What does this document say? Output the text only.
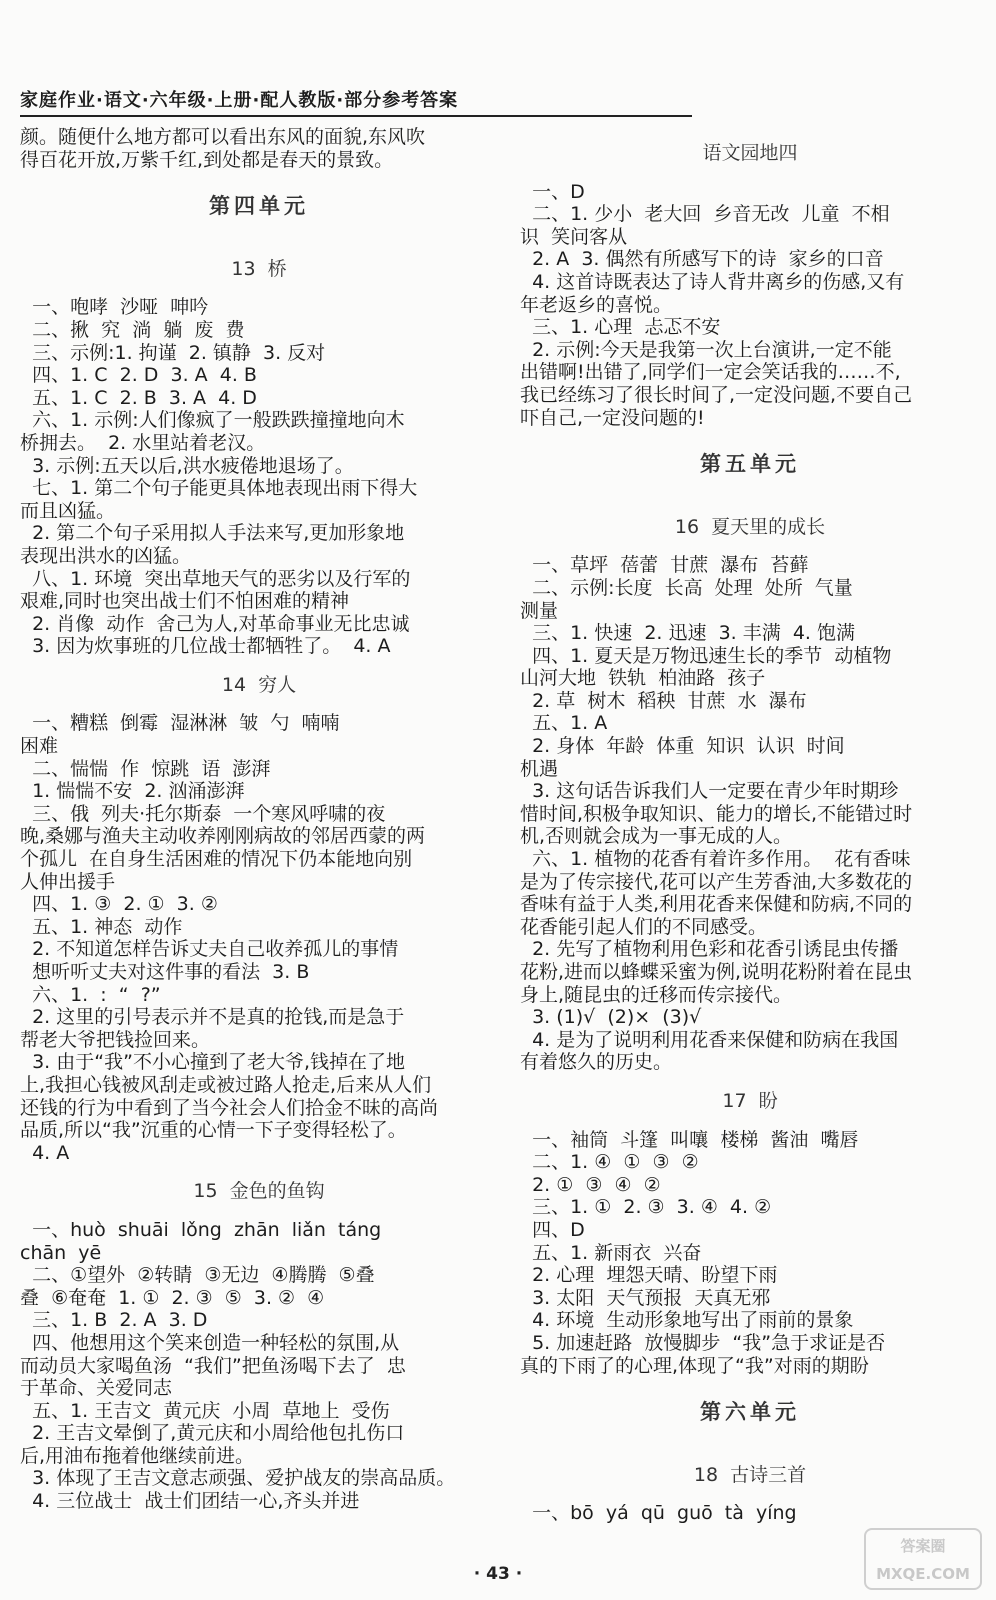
家庭作业·语文·六年级·上册·配人教版·部分参考答案

颜。随便什么地方都可以看出东风的面貌,东风吹

得百花开放,万紫千红,到处都是春天的景致。

第四单元

13  桥

一、咆哮  沙哑  呻吟

二、揪  究  淌  躺  废  费

三、示例:1. 拘谨  2. 镇静  3. 反对

四、1. C  2. D  3. A  4. B

五、1. C  2. B  3. A  4. D

六、1. 示例:人们像疯了一般跌跌撞撞地向木

桥拥去。  2. 水里站着老汉。

3. 示例:五天以后,洪水疲倦地退场了。

七、1. 第二个句子能更具体地表现出雨下得大

而且凶猛。

2. 第二个句子采用拟人手法来写,更加形象地

表现出洪水的凶猛。

八、1. 环境  突出草地天气的恶劣以及行军的

艰难,同时也突出战士们不怕困难的精神

2. 肖像  动作  舍己为人,对革命事业无比忠诚

3. 因为炊事班的几位战士都牺牲了。  4. A

14  穷人

一、糟糕  倒霉  湿淋淋  皱  勺  喃喃

困难

二、惴惴  作  惊跳  语  澎湃

1. 惴惴不安  2. 汹涌澎湃

三、俄  列夫·托尔斯泰  一个寒风呼啸的夜

晚,桑娜与渔夫主动收养刚刚病故的邻居西蒙的两

个孤儿  在自身生活困难的情况下仍本能地向别

人伸出援手

四、1. ③  2. ①  3. ②

五、1. 神态  动作

2. 不知道怎样告诉丈夫自己收养孤儿的事情

想听听丈夫对这件事的看法  3. B

六、1.  :  “  ?”

2. 这里的引号表示并不是真的抢钱,而是急于

帮老大爷把钱捡回来。

3. 由于“我”不小心撞到了老大爷,钱掉在了地

上,我担心钱被风刮走或被过路人抢走,后来从人们

还钱的行为中看到了当今社会人们拾金不昧的高尚

品质,所以“我”沉重的心情一下子变得轻松了。

4. A

15  金色的鱼钩

一、huò  shuāi  lǒng  zhān  liǎn  táng

chān  yē

二、①望外  ②转睛  ③无边  ④腾腾  ⑤叠

叠  ⑥奄奄  1. ①  2. ③  ⑤  3. ②  ④

三、1. B  2. A  3. D

四、他想用这个笑来创造一种轻松的氛围,从

而动员大家喝鱼汤  “我们”把鱼汤喝下去了  忠

于革命、关爱同志

五、1. 王吉文  黄元庆  小周  草地上  受伤

2. 王吉文晕倒了,黄元庆和小周给他包扎伤口

后,用油布拖着他继续前进。

3. 体现了王吉文意志顽强、爱护战友的崇高品质。

4. 三位战士  战士们团结一心,齐头并进

语文园地四

一、D

二、1. 少小  老大回  乡音无改  儿童  不相

识  笑问客从

2. A  3. 偶然有所感写下的诗  家乡的口音

4. 这首诗既表达了诗人背井离乡的伤感,又有

年老返乡的喜悦。

三、1. 心理  忐忑不安

2. 示例:今天是我第一次上台演讲,一定不能

出错啊!出错了,同学们一定会笑话我的……不,

我已经练习了很长时间了,一定没问题,不要自己

吓自己,一定没问题的!

第五单元

16  夏天里的成长

一、草坪  蓓蕾  甘蔗  瀑布  苔藓

二、示例:长度  长高  处理  处所  气量

测量

三、1. 快速  2. 迅速  3. 丰满  4. 饱满

四、1. 夏天是万物迅速生长的季节  动植物

山河大地  铁轨  柏油路  孩子

2. 草  树木  稻秧  甘蔗  水  瀑布

五、1. A

2. 身体  年龄  体重  知识  认识  时间

机遇

3. 这句话告诉我们人一定要在青少年时期珍

惜时间,积极争取知识、能力的增长,不能错过时

机,否则就会成为一事无成的人。

六、1. 植物的花香有着许多作用。  花有香味

是为了传宗接代,花可以产生芳香油,大多数花的

香味有益于人类,利用花香来保健和防病,不同的

花香能引起人们的不同感受。

2. 先写了植物利用色彩和花香引诱昆虫传播

花粉,进而以蜂蝶采蜜为例,说明花粉附着在昆虫

身上,随昆虫的迁移而传宗接代。

3. (1)√  (2)×  (3)√

4. 是为了说明利用花香来保健和防病在我国

有着悠久的历史。

17  盼

一、袖筒  斗篷  叫嚷  楼梯  酱油  嘴唇

二、1. ④  ①  ③  ②

2. ①  ③  ④  ②

三、1. ①  2. ③  3. ④  4. ②

四、D

五、1. 新雨衣  兴奋

2. 心理  埋怨天晴、盼望下雨

3. 太阳  天气预报  天真无邪

4. 环境  生动形象地写出了雨前的景象

5. 加速赶路  放慢脚步  “我”急于求证是否

真的下雨了的心理,体现了“我”对雨的期盼

第六单元

18  古诗三首

一、bō  yá  qū  guō  tà  yíng

· 43 ·
答案圈
MXQE.COM
